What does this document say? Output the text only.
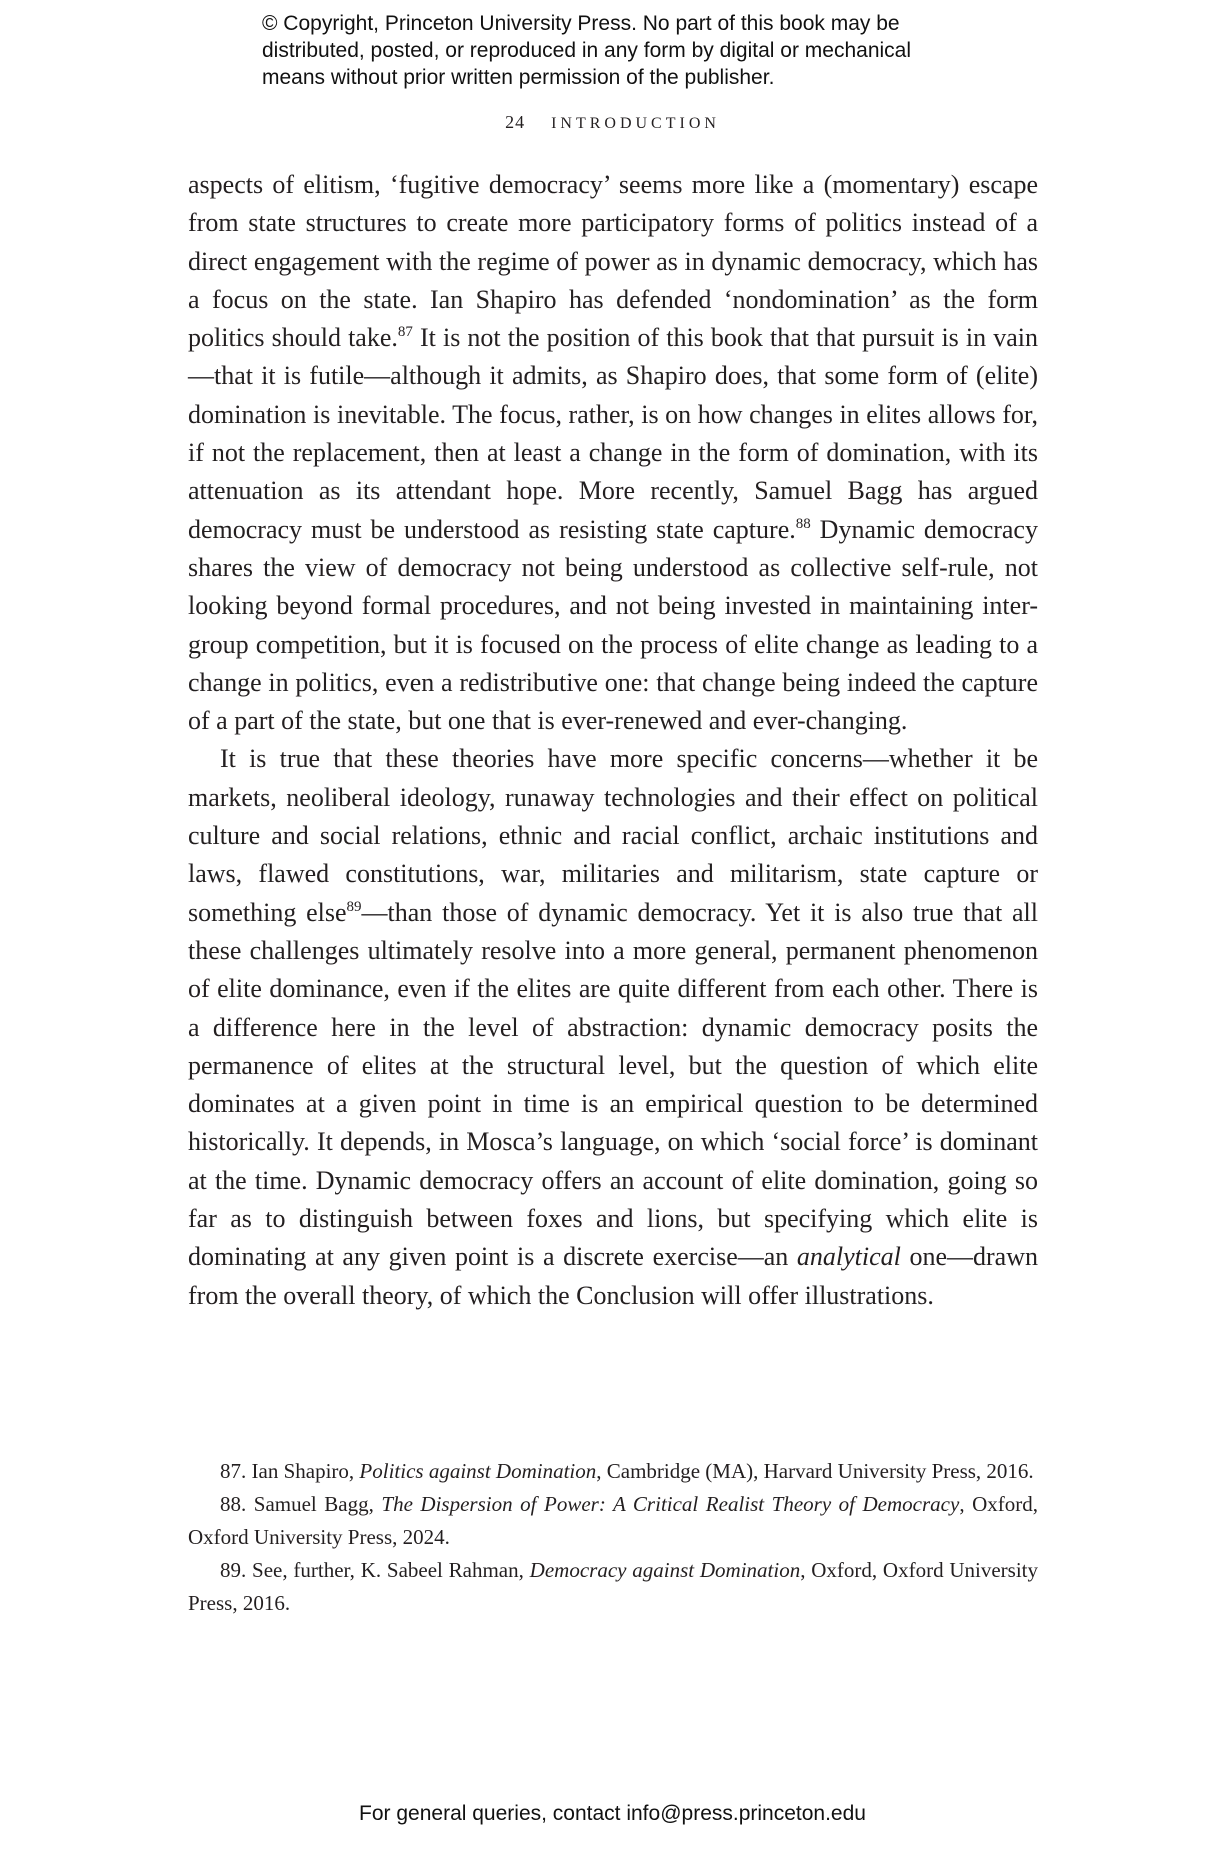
© Copyright, Princeton University Press. No part of this book may be
distributed, posted, or reproduced in any form by digital or mechanical
means without prior written permission of the publisher.
24 INTRODUCTION

aspects of elitism, ‘fugitive democracy’ seems more like a (momentary) escape from state structures to create more participatory forms of politics instead of a direct engagement with the regime of power as in dynamic democracy, which has a focus on the state. Ian Shapiro has defended ‘nondomination’ as the form politics should take.$^{87}$ It is not the position of this book that that pursuit is in vain—that it is futile—although it admits, as Shapiro does, that some form of (elite) domination is inevitable. The focus, rather, is on how changes in elites allows for, if not the replacement, then at least a change in the form of domination, with its attenuation as its attendant hope. More recently, Samuel Bagg has argued democracy must be understood as resisting state capture.$^{88}$ Dynamic democracy shares the view of democracy not being understood as collective self-rule, not looking beyond formal procedures, and not being invested in maintaining inter-group competition, but it is focused on the process of elite change as leading to a change in politics, even a redistributive one: that change being indeed the capture of a part of the state, but one that is ever-renewed and ever-changing.

It is true that these theories have more specific concerns—whether it be markets, neoliberal ideology, runaway technologies and their effect on political culture and social relations, ethnic and racial conflict, archaic institutions and laws, flawed constitutions, war, militaries and militarism, state capture or something else$^{89}$—than those of dynamic democracy. Yet it is also true that all these challenges ultimately resolve into a more general, permanent phenomenon of elite dominance, even if the elites are quite different from each other. There is a difference here in the level of abstraction: dynamic democracy posits the permanence of elites at the structural level, but the question of which elite dominates at a given point in time is an empirical question to be determined historically. It depends, in Mosca’s language, on which ‘social force’ is dominant at the time. Dynamic democracy offers an account of elite domination, going so far as to distinguish between foxes and lions, but specifying which elite is dominating at any given point is a discrete exercise—an analytical one—drawn from the overall theory, of which the Conclusion will offer illustrations.

87. Ian Shapiro, Politics against Domination, Cambridge (MA), Harvard University Press, 2016.

88. Samuel Bagg, The Dispersion of Power: A Critical Realist Theory of Democracy, Oxford, Oxford University Press, 2024.

89. See, further, K. Sabeel Rahman, Democracy against Domination, Oxford, Oxford University Press, 2016.

For general queries, contact info@press.princeton.edu
